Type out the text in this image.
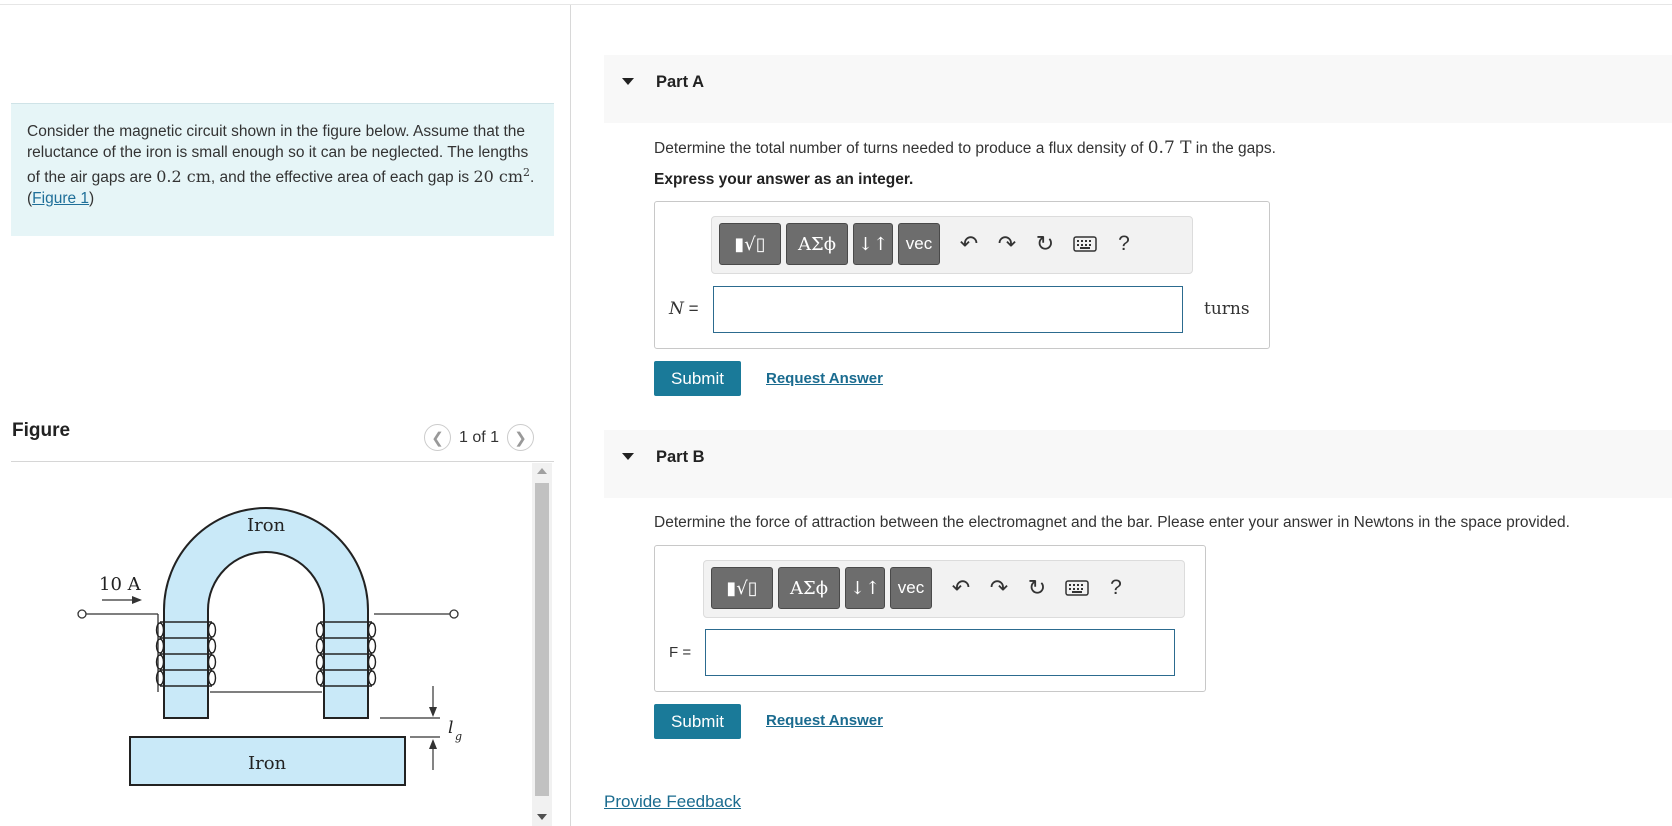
Consider the magnetic circuit shown in the figure below. Assume that the reluctance of the iron is small enough so it can be neglected. The lengths of the air gaps are 0.2 cm, and the effective area of each gap is 20 $cm^2$.
(Figure 1)
Figure	❮ 1 of 1 ❯
10 A
Iron
Iron
l g
Part A
Determine the total number of turns needed to produce a flux density of 0.7 T in the gaps.
Express your answer as an integer.
▮√▯ ΑΣϕ ↓↑ vec ↶ ↷ ↻	?
N =	turns
Submit	Request Answer
Part B
Determine the force of attraction between the electromagnet and the bar. Please enter your answer in Newtons in the space provided.
▮√▯ ΑΣϕ ↓↑ vec ↶ ↷ ↻	?
F =
Submit	Request Answer
Provide Feedback
